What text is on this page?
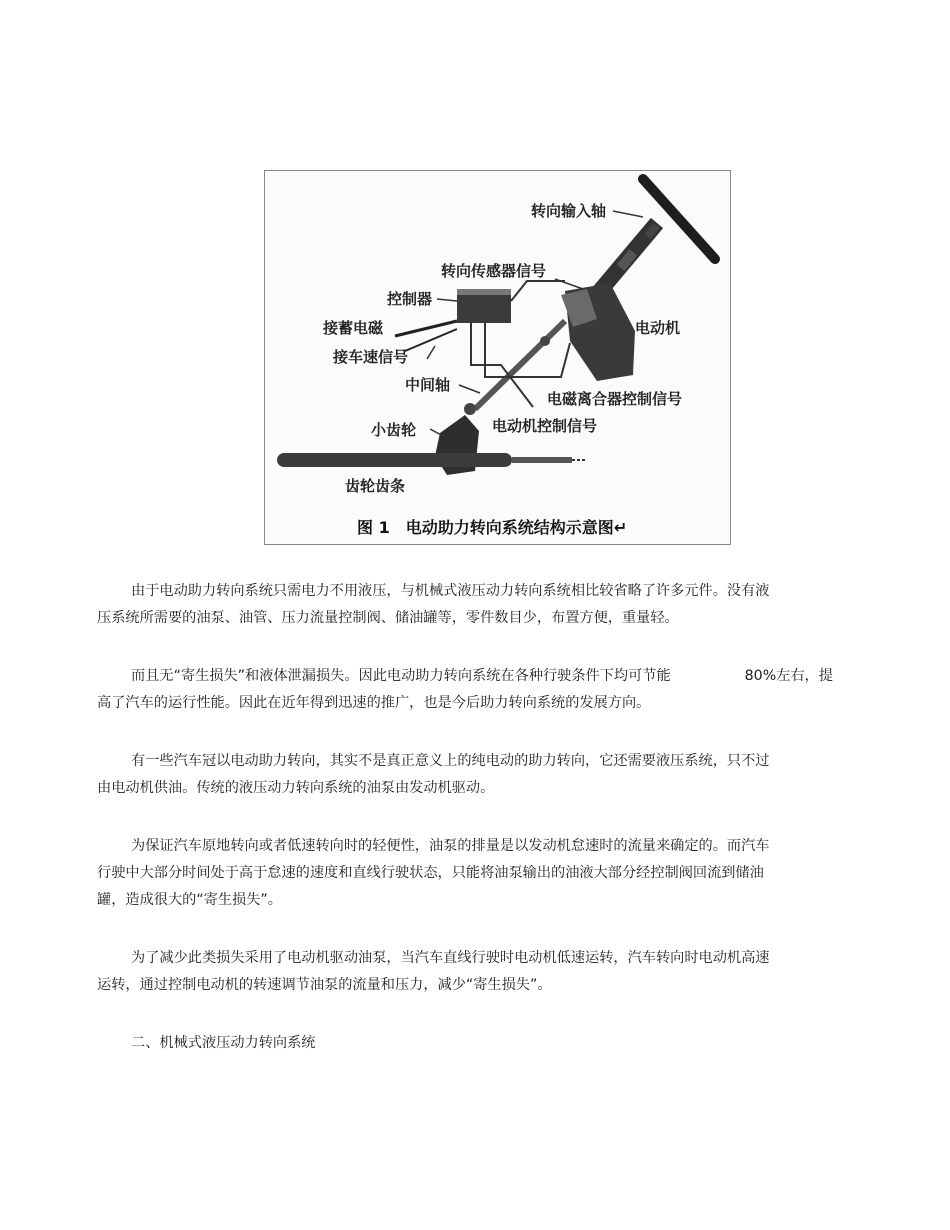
转向输入轴
转向传感器信号
控制器
接蓄电磁	电动机
接车速信号
中间轴
电磁离合器控制信号
电动机控制信号
小齿轮
齿轮齿条
图 1　电动助力转向系统结构示意图↵
由于电动助力转向系统只需电力不用液压，与机械式液压动力转向系统相比较省略了许多元件。没有液
压系统所需要的油泵、油管、压力流量控制阀、储油罐等，零件数目少，布置方便，重量轻。
而且无“寄生损失”和液体泄漏损失。因此电动助力转向系统在各种行驶条件下均可节能	80%左右，提
高了汽车的运行性能。因此在近年得到迅速的推广，也是今后助力转向系统的发展方向。
有一些汽车冠以电动助力转向，其实不是真正意义上的纯电动的助力转向，它还需要液压系统，只不过
由电动机供油。传统的液压动力转向系统的油泵由发动机驱动。
为保证汽车原地转向或者低速转向时的轻便性，油泵的排量是以发动机怠速时的流量来确定的。而汽车
行驶中大部分时间处于高于怠速的速度和直线行驶状态，只能将油泵输出的油液大部分经控制阀回流到储油
罐，造成很大的“寄生损失”。
为了减少此类损失采用了电动机驱动油泵，当汽车直线行驶时电动机低速运转，汽车转向时电动机高速
运转，通过控制电动机的转速调节油泵的流量和压力，减少“寄生损失”。
二、机械式液压动力转向系统
